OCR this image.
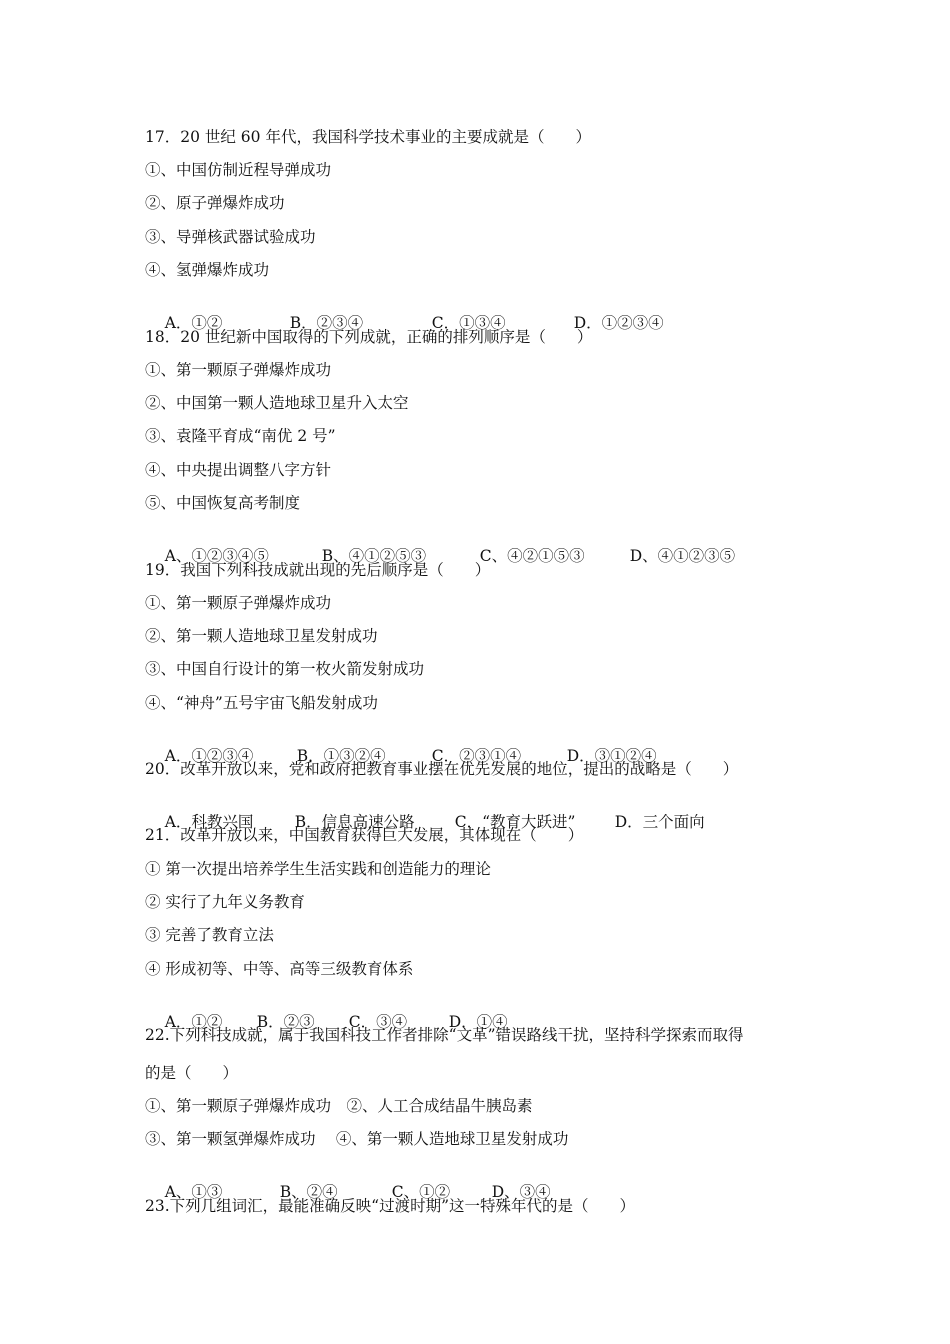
17．20 世纪 60 年代，我国科学技术事业的主要成就是（　　）
①、中国仿制近程导弹成功
②、原子弹爆炸成功
③、导弹核武器试验成功
④、氢弹爆炸成功

A．①②	B．②③④	C．①③④	D．①②③④

18．20 世纪新中国取得的下列成就，正确的排列顺序是（　　）
①、第一颗原子弹爆炸成功
②、中国第一颗人造地球卫星升入太空
③、袁隆平育成“南优 2 号”
④、中央提出调整八字方针
⑤、中国恢复高考制度

A、①②③④⑤	B、④①②⑤③	C、④②①⑤③	D、④①②③⑤

19．我国下列科技成就出现的先后顺序是（　　）
①、第一颗原子弹爆炸成功
②、第一颗人造地球卫星发射成功
③、中国自行设计的第一枚火箭发射成功
④、“神舟”五号宇宙飞船发射成功

A．①②③④	B．①③②④	C．②③①④	D．③①②④

20．改革开放以来，党和政府把教育事业摆在优先发展的地位，提出的战略是（　　）

A．科教兴国	B．信息高速公路	C．“教育大跃进”	D．三个面向

21．改革开放以来，中国教育获得巨大发展，其体现在（　　）
① 第一次提出培养学生生活实践和创造能力的理论
② 实行了九年义务教育
③ 完善了教育立法
④ 形成初等、中等、高等三级教育体系

A．①② B．②③ C．③④	D．①④

22.下列科技成就，属于我国科技工作者排除“文革”错误路线干扰，坚持科学探索而取得
的是（　　）
①、第一颗原子弹爆炸成功　②、人工合成结晶牛胰岛素
③、第一颗氢弹爆炸成功　 ④、第一颗人造地球卫星发射成功

A、①③	B、②④	C、①②	D、③④

23.下列几组词汇，最能准确反映“过渡时期”这一特殊年代的是（　　）
